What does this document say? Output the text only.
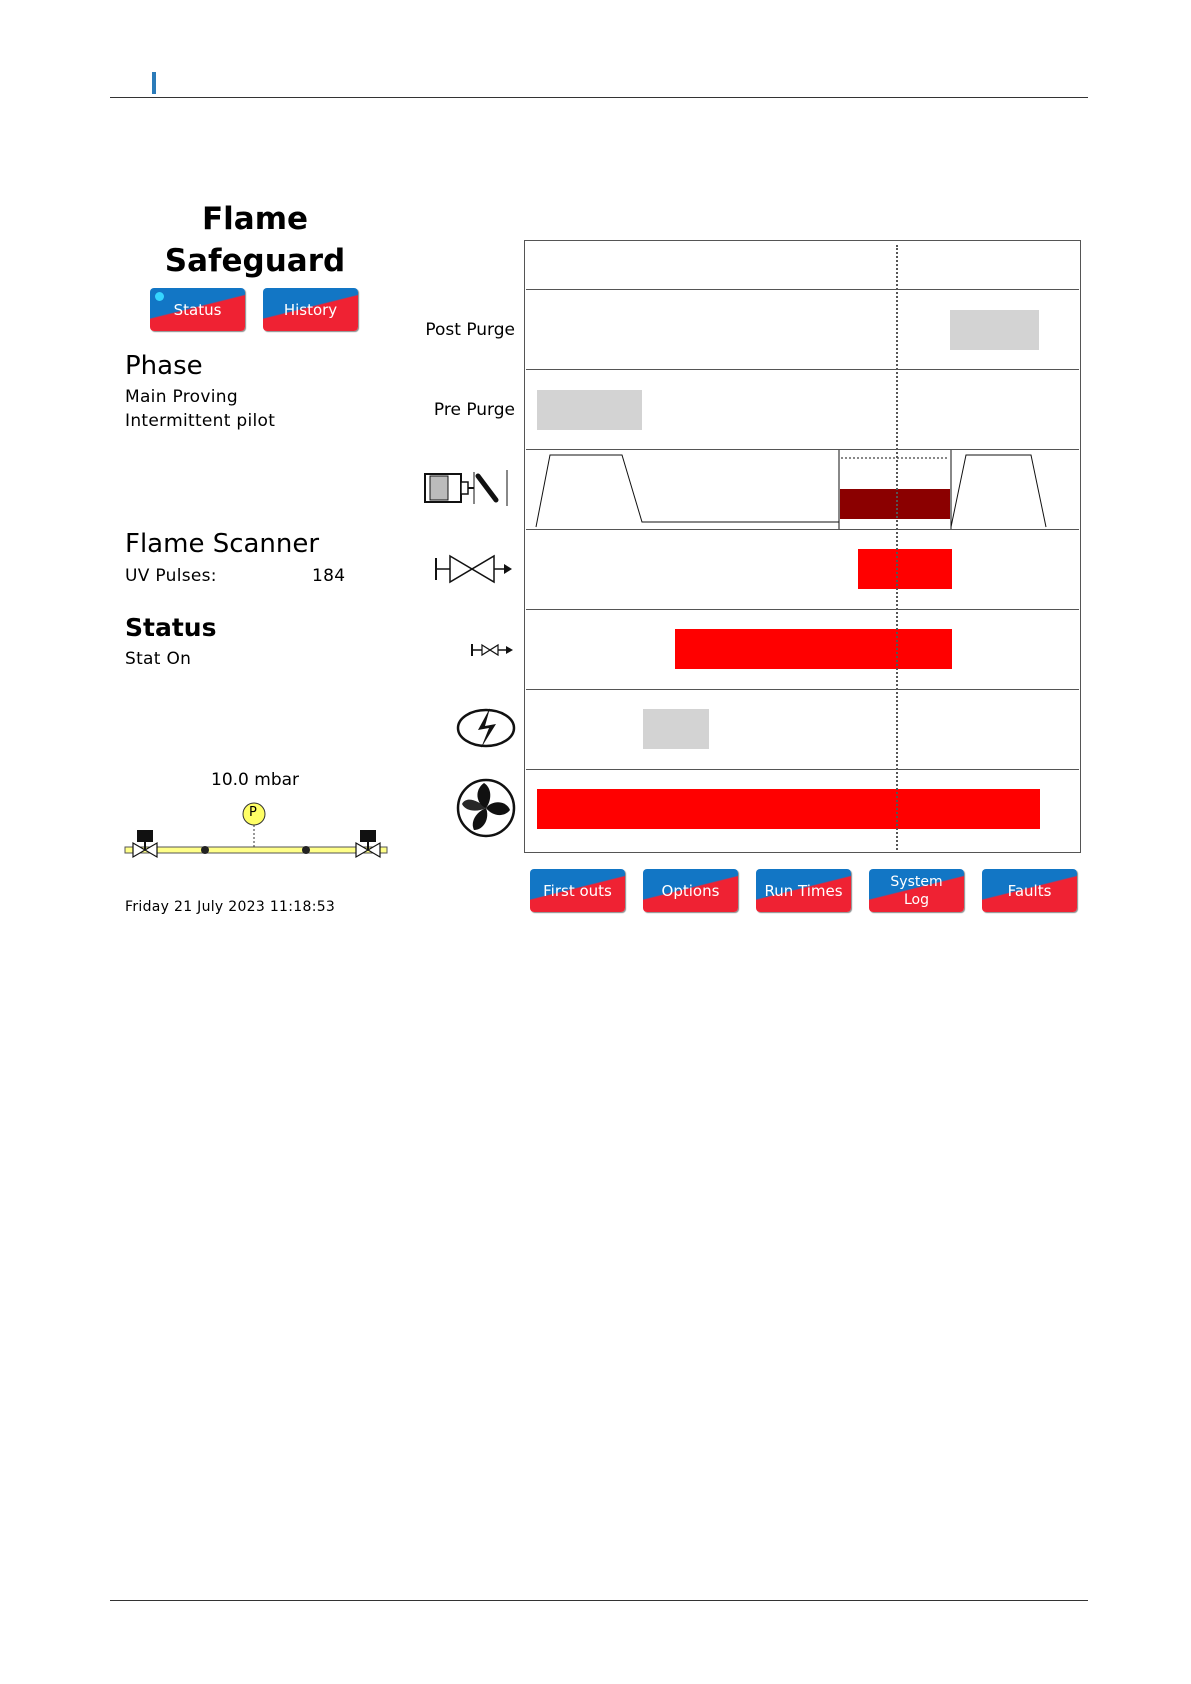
Flame
Safeguard
Status	History
Phase
Main Proving
Intermittent pilot
Flame Scanner
UV Pulses:	184
Status
Stat On
10.0 mbar
P
Post Purge
Pre Purge
First outs	Options	Run Times	System
Log	Faults
Friday 21 July 2023 11:18:53
